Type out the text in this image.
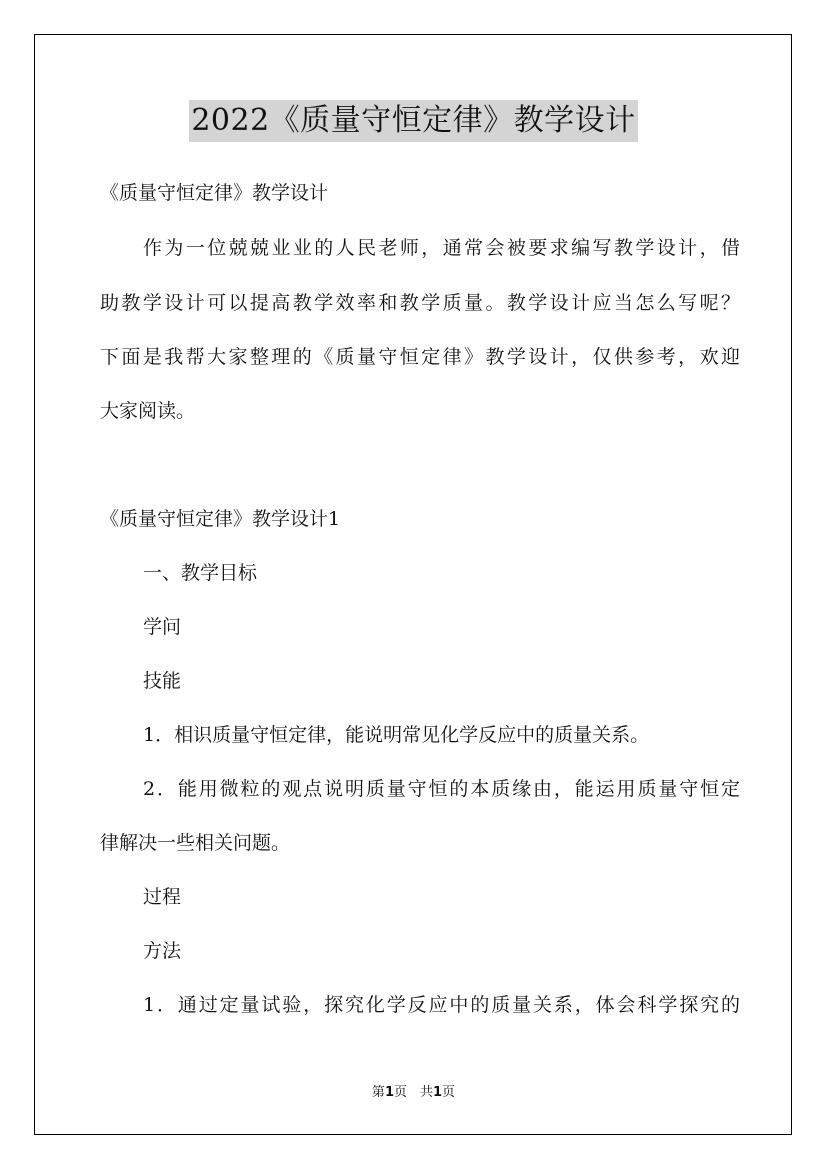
2022《质量守恒定律》教学设计

《质量守恒定律》教学设计

作为一位兢兢业业的人民老师，通常会被要求编写教学设计，借

助教学设计可以提高教学效率和教学质量。教学设计应当怎么写呢？

下面是我帮大家整理的《质量守恒定律》教学设计，仅供参考，欢迎

大家阅读。

《质量守恒定律》教学设计1

一、教学目标

学问

技能

1．相识质量守恒定律，能说明常见化学反应中的质量关系。

2．能用微粒的观点说明质量守恒的本质缘由，能运用质量守恒定

律解决一些相关问题。

过程

方法

1．通过定量试验，探究化学反应中的质量关系，体会科学探究的

第1页　共1页
